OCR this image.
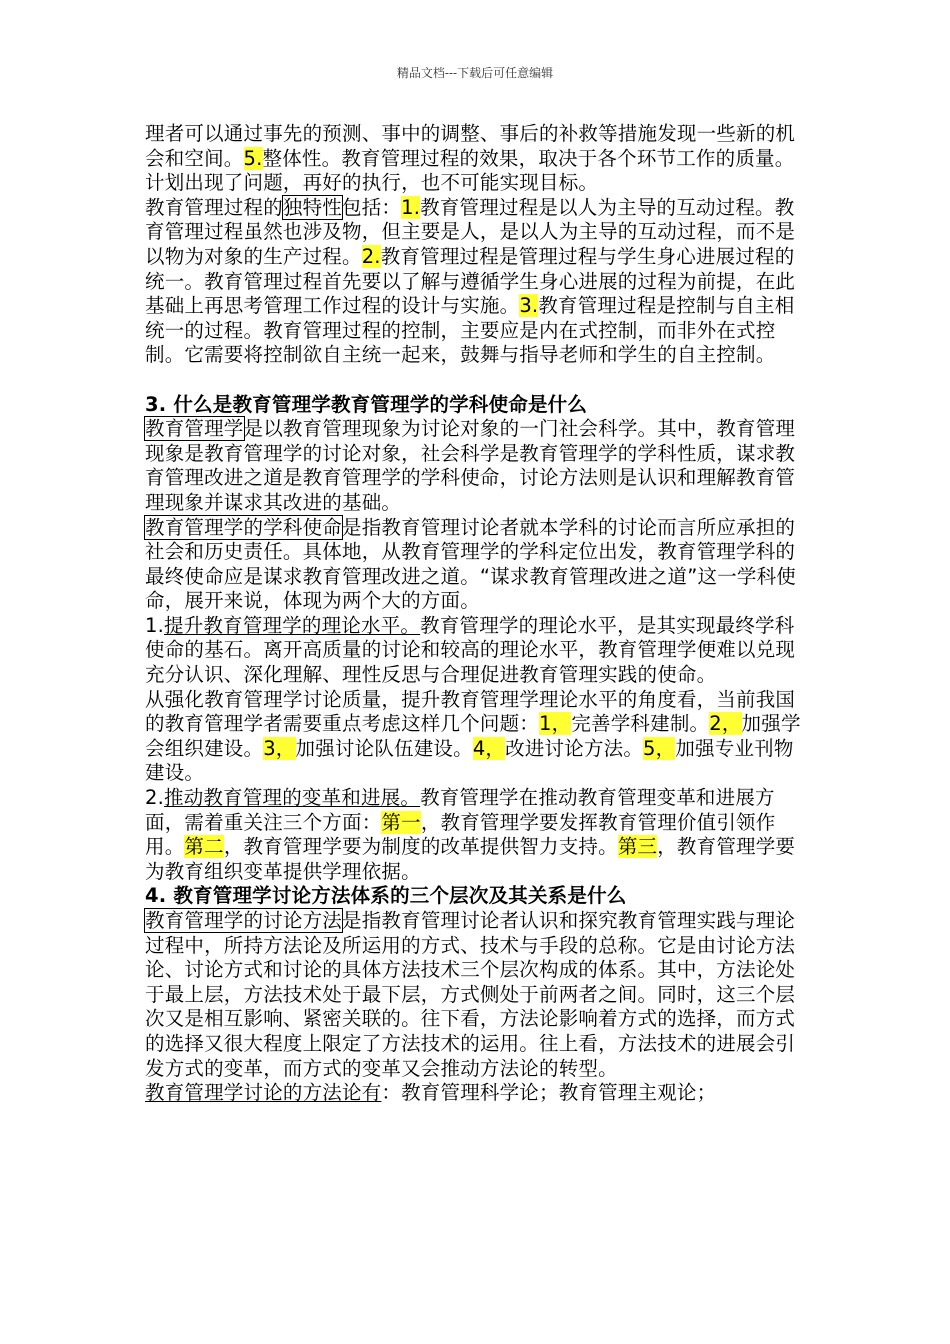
精品文档---下载后可任意编辑

理者可以通过事先的预测、事中的调整、事后的补救等措施发现一些新的机会和空间。5.整体性。教育管理过程的效果，取决于各个环节工作的质量。计划出现了问题，再好的执行，也不可能实现目标。

教育管理过程的独特性包括：1.教育管理过程是以人为主导的互动过程。教育管理过程虽然也涉及物，但主要是人，是以人为主导的互动过程，而不是以物为对象的生产过程。2.教育管理过程是管理过程与学生身心进展过程的统一。教育管理过程首先要以了解与遵循学生身心进展的过程为前提，在此基础上再思考管理工作过程的设计与实施。3.教育管理过程是控制与自主相统一的过程。教育管理过程的控制，主要应是内在式控制，而非外在式控制。它需要将控制欲自主统一起来，鼓舞与指导老师和学生的自主控制。

3. 什么是教育管理学教育管理学的学科使命是什么

教育管理学是以教育管理现象为讨论对象的一门社会科学。其中，教育管理现象是教育管理学的讨论对象，社会科学是教育管理学的学科性质，谋求教育管理改进之道是教育管理学的学科使命，讨论方法则是认识和理解教育管理现象并谋求其改进的基础。

教育管理学的学科使命是指教育管理讨论者就本学科的讨论而言所应承担的社会和历史责任。具体地，从教育管理学的学科定位出发，教育管理学科的最终使命应是谋求教育管理改进之道。“谋求教育管理改进之道”这一学科使命，展开来说，体现为两个大的方面。

1.提升教育管理学的理论水平。教育管理学的理论水平，是其实现最终学科使命的基石。离开高质量的讨论和较高的理论水平，教育管理学便难以兑现充分认识、深化理解、理性反思与合理促进教育管理实践的使命。

从强化教育管理学讨论质量，提升教育管理学理论水平的角度看，当前我国的教育管理学者需要重点考虑这样几个问题：1，完善学科建制。2，加强学会组织建设。3，加强讨论队伍建设。4，改进讨论方法。5，加强专业刊物建设。

2.推动教育管理的变革和进展。教育管理学在推动教育管理变革和进展方面，需着重关注三个方面：第一，教育管理学要发挥教育管理价值引领作用。第二，教育管理学要为制度的改革提供智力支持。第三，教育管理学要为教育组织变革提供学理依据。

4. 教育管理学讨论方法体系的三个层次及其关系是什么

教育管理学的讨论方法是指教育管理讨论者认识和探究教育管理实践与理论过程中，所持方法论及所运用的方式、技术与手段的总称。它是由讨论方法论、讨论方式和讨论的具体方法技术三个层次构成的体系。其中，方法论处于最上层，方法技术处于最下层，方式侧处于前两者之间。同时，这三个层次又是相互影响、紧密关联的。往下看，方法论影响着方式的选择，而方式的选择又很大程度上限定了方法技术的运用。往上看，方法技术的进展会引发方式的变革，而方式的变革又会推动方法论的转型。

教育管理学讨论的方法论有：教育管理科学论；教育管理主观论；
